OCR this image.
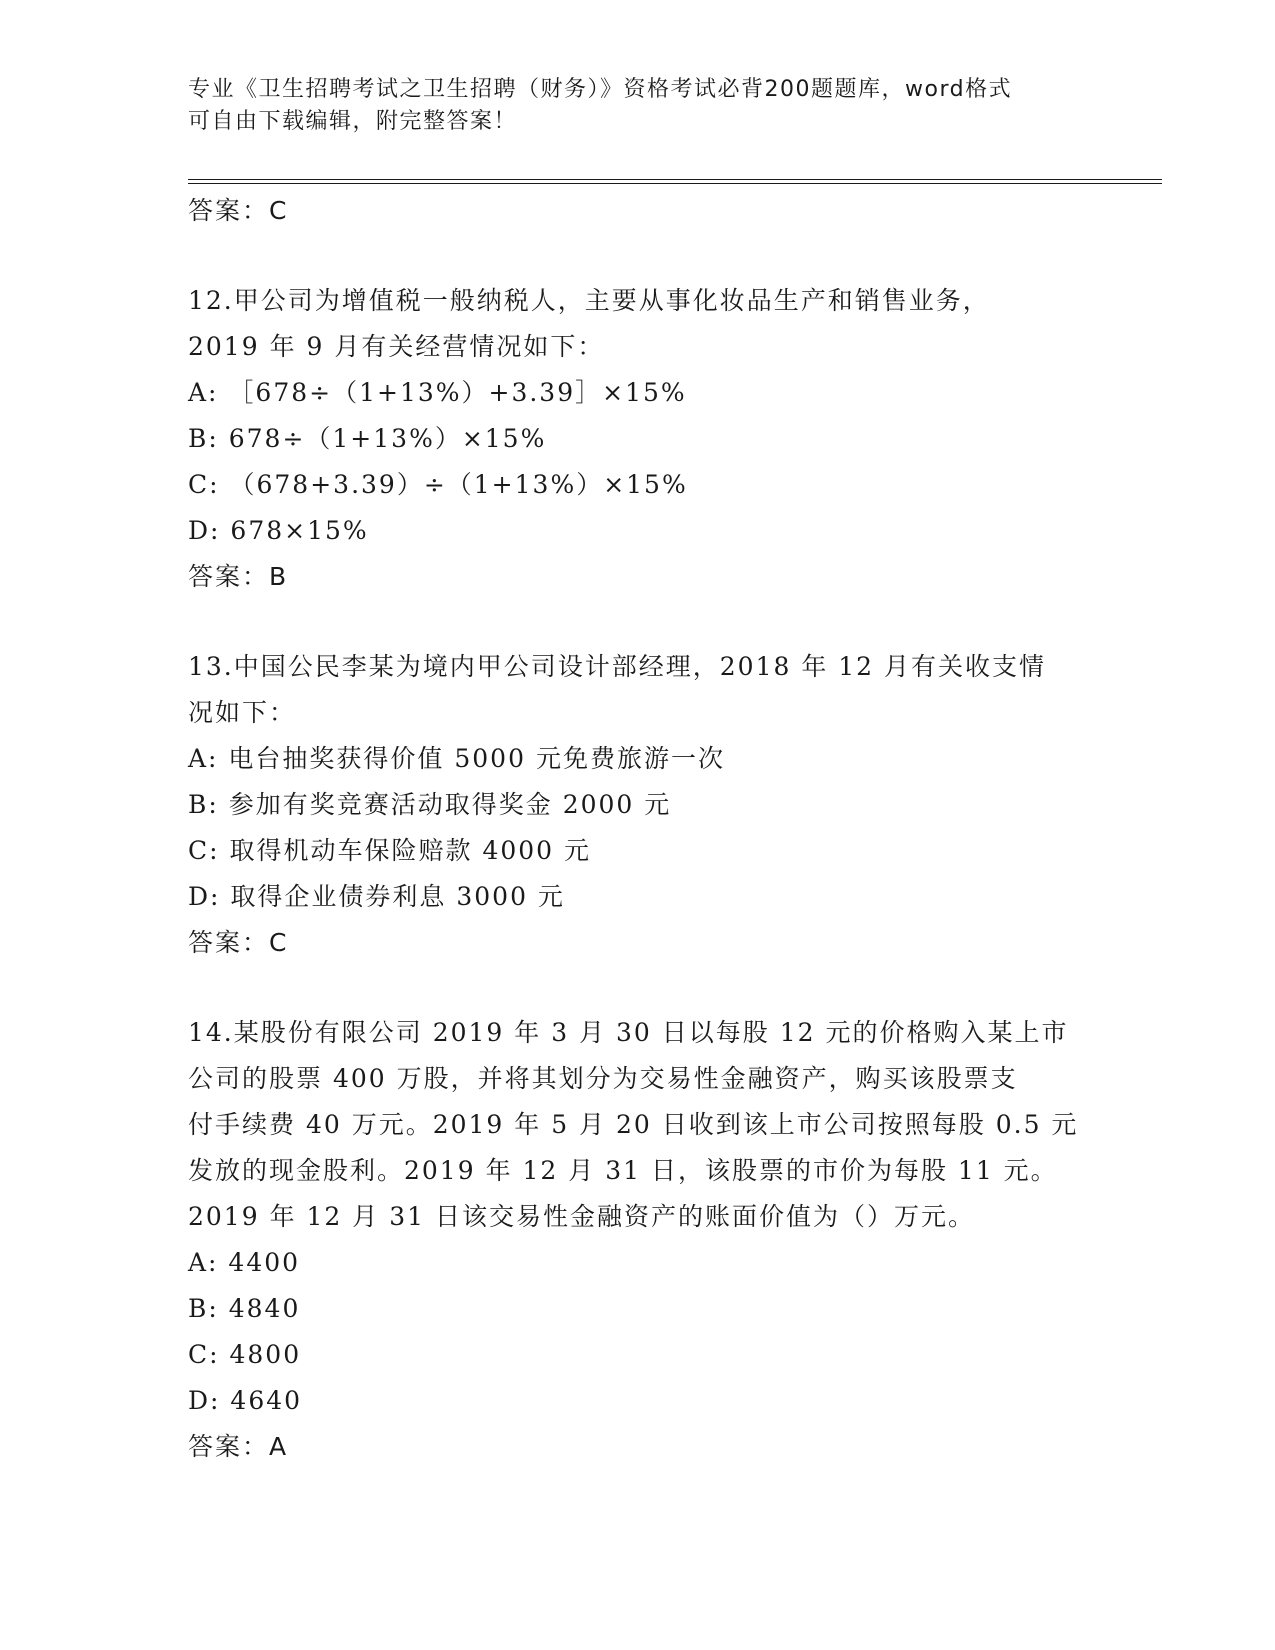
专业《卫生招聘考试之卫生招聘（财务）》资格考试必背200题题库，word格式
可自由下载编辑，附完整答案！
答案：C
12.甲公司为增值税一般纳税人，主要从事化妆品生产和销售业务，
2019 年 9 月有关经营情况如下：
A: ［678÷（1+13%）+3.39］×15%
B: 678÷（1+13%）×15%
C: （678+3.39）÷（1+13%）×15%
D: 678×15%
答案：B
13.中国公民李某为境内甲公司设计部经理，2018 年 12 月有关收支情
况如下：
A: 电台抽奖获得价值 5000 元免费旅游一次
B: 参加有奖竞赛活动取得奖金 2000 元
C: 取得机动车保险赔款 4000 元
D: 取得企业债券利息 3000 元
答案：C
14.某股份有限公司 2019 年 3 月 30 日以每股 12 元的价格购入某上市
公司的股票 400 万股，并将其划分为交易性金融资产，购买该股票支
付手续费 40 万元。2019 年 5 月 20 日收到该上市公司按照每股 0.5 元
发放的现金股利。2019 年 12 月 31 日，该股票的市价为每股 11 元。
2019 年 12 月 31 日该交易性金融资产的账面价值为（）万元。
A: 4400
B: 4840
C: 4800
D: 4640
答案：A
